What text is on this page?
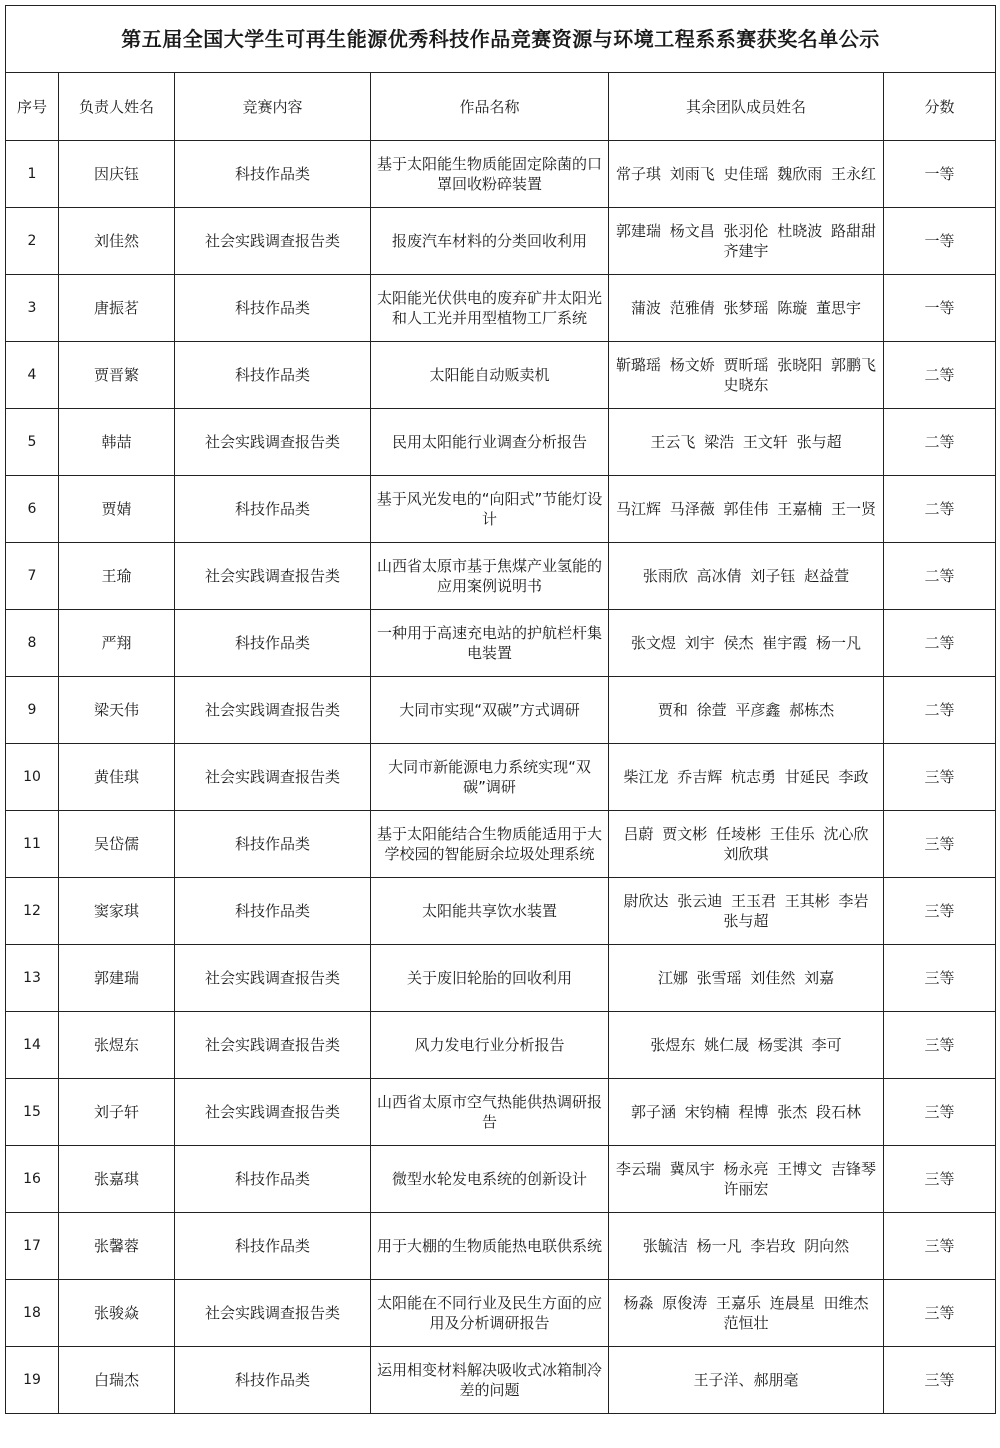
第五届全国大学生可再生能源优秀科技作品竞赛资源与环境工程系系赛获奖名单公示					
序号	负责人姓名	竞赛内容	作品名称	其余团队成员姓名	分数
1	因庆钰	科技作品类	基于太阳能生物质能固定除菌的口罩回收粉碎装置	常子琪 刘雨飞 史佳瑶 魏欣雨 王永红	一等
2	刘佳然	社会实践调查报告类	报废汽车材料的分类回收利用	郭建瑞 杨文昌 张羽伦 杜晓波 路甜甜 齐建宇	一等
3	唐振茗	科技作品类	太阳能光伏供电的废弃矿井太阳光和人工光并用型植物工厂系统	蒲波 范雅倩 张梦瑶 陈璇 董思宇	一等
4	贾晋繁	科技作品类	太阳能自动贩卖机	靳璐瑶 杨文娇 贾昕瑶 张晓阳 郭鹏飞 史晓东	二等
5	韩喆	社会实践调查报告类	民用太阳能行业调查分析报告	王云飞 梁浩 王文轩 张与超	二等
6	贾婧	科技作品类	基于风光发电的“向阳式”节能灯设计	马江辉 马泽薇 郭佳伟 王嘉楠 王一贤	二等
7	王瑜	社会实践调查报告类	山西省太原市基于焦煤产业氢能的应用案例说明书	张雨欣 高冰倩 刘子钰 赵益萱	二等
8	严翔	科技作品类	一种用于高速充电站的护航栏杆集电装置	张文煜 刘宇 侯杰 崔宇霞 杨一凡	二等
9	梁天伟	社会实践调查报告类	大同市实现“双碳”方式调研	贾和 徐萱 平彦鑫 郝栋杰	二等
10	黄佳琪	社会实践调查报告类	大同市新能源电力系统实现“双碳”调研	柴江龙 乔吉辉 杭志勇 甘延民 李政	三等
11	吴岱儒	科技作品类	基于太阳能结合生物质能适用于大学校园的智能厨余垃圾处理系统	吕蔚 贾文彬 任堎彬 王佳乐 沈心欣 刘欣琪	三等
12	窦家琪	科技作品类	太阳能共享饮水装置	尉欣达 张云迪 王玉君 王其彬 李岩 张与超	三等
13	郭建瑞	社会实践调查报告类	关于废旧轮胎的回收利用	江娜 张雪瑶 刘佳然 刘嘉	三等
14	张煜东	社会实践调查报告类	风力发电行业分析报告	张煜东 姚仁晟 杨雯淇 李可	三等
15	刘子轩	社会实践调查报告类	山西省太原市空气热能供热调研报告	郭子涵 宋钧楠 程博 张杰 段石林	三等
16	张嘉琪	科技作品类	微型水轮发电系统的创新设计	李云瑞 冀凤宇 杨永亮 王博文 吉锋琴 许丽宏	三等
17	张馨蓉	科技作品类	用于大棚的生物质能热电联供系统	张毓洁 杨一凡 李岩玫 阴向然	三等
18	张骏焱	社会实践调查报告类	太阳能在不同行业及民生方面的应用及分析调研报告	杨淼 原俊涛 王嘉乐 连晨星 田维杰 范恒壮	三等
19	白瑞杰	科技作品类	运用相变材料解决吸收式冰箱制冷差的问题	王子洋、郝朋毫	三等
